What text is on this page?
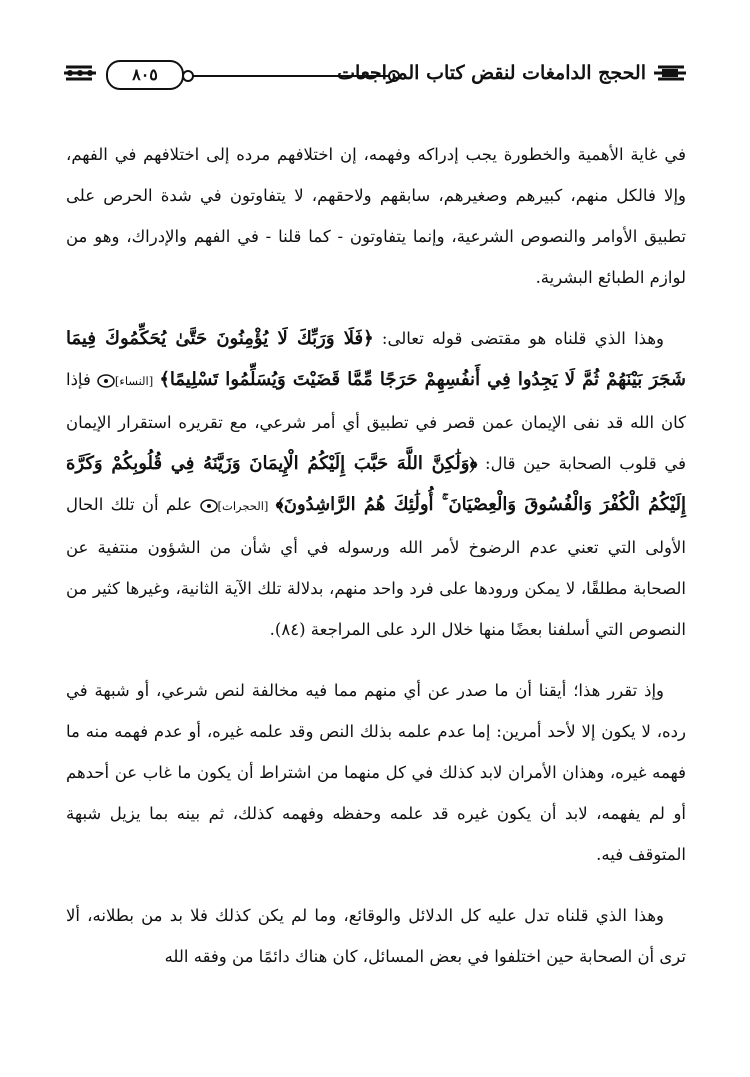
٨٠٥	الحجج الدامغات لنقض كتاب المراجعات

في غاية الأهمية والخطورة يجب إدراكه وفهمه، إن اختلافهم مرده إلى اختلافهم في الفهم، وإلا فالكل منهم، كبيرهم وصغيرهم، سابقهم ولاحقهم، لا يتفاوتون في شدة الحرص على تطبيق الأوامر والنصوص الشرعية، وإنما يتفاوتون - كما قلنا - في الفهم والإدراك، وهو من لوازم الطبائع البشرية.

وهذا الذي قلناه هو مقتضى قوله تعالى: ﴿فَلَا وَرَبِّكَ لَا يُؤْمِنُونَ حَتَّىٰ يُحَكِّمُوكَ فِيمَا شَجَرَ بَيْنَهُمْ ثُمَّ لَا يَجِدُوا فِي أَنفُسِهِمْ حَرَجًا مِّمَّا قَضَيْتَ وَيُسَلِّمُوا تَسْلِيمًا﴾ [النساء] فإذا كان الله قد نفى الإيمان عمن قصر في تطبيق أي أمر شرعي، مع تقريره استقرار الإيمان في قلوب الصحابة حين قال: ﴿وَلَٰكِنَّ اللَّهَ حَبَّبَ إِلَيْكُمُ الْإِيمَانَ وَزَيَّنَهُ فِي قُلُوبِكُمْ وَكَرَّهَ إِلَيْكُمُ الْكُفْرَ وَالْفُسُوقَ وَالْعِصْيَانَ ۚ أُولَٰئِكَ هُمُ الرَّاشِدُونَ﴾ [الحجرات] علم أن تلك الحال الأولى التي تعني عدم الرضوخ لأمر الله ورسوله في أي شأن من الشؤون منتفية عن الصحابة مطلقًا، لا يمكن ورودها على فرد واحد منهم، بدلالة تلك الآية الثانية، وغيرها كثير من النصوص التي أسلفنا بعضًا منها خلال الرد على المراجعة (٨٤).

وإذ تقرر هذا؛ أيقنا أن ما صدر عن أي منهم مما فيه مخالفة لنص شرعي، أو شبهة في رده، لا يكون إلا لأحد أمرين: إما عدم علمه بذلك النص وقد علمه غيره، أو عدم فهمه منه ما فهمه غيره، وهذان الأمران لابد كذلك في كل منهما من اشتراط أن يكون ما غاب عن أحدهم أو لم يفهمه، لابد أن يكون غيره قد علمه وحفظه وفهمه كذلك، ثم بينه بما يزيل شبهة المتوقف فيه.

وهذا الذي قلناه تدل عليه كل الدلائل والوقائع، وما لم يكن كذلك فلا بد من بطلانه، ألا ترى أن الصحابة حين اختلفوا في بعض المسائل، كان هناك دائمًا من وفقه الله
